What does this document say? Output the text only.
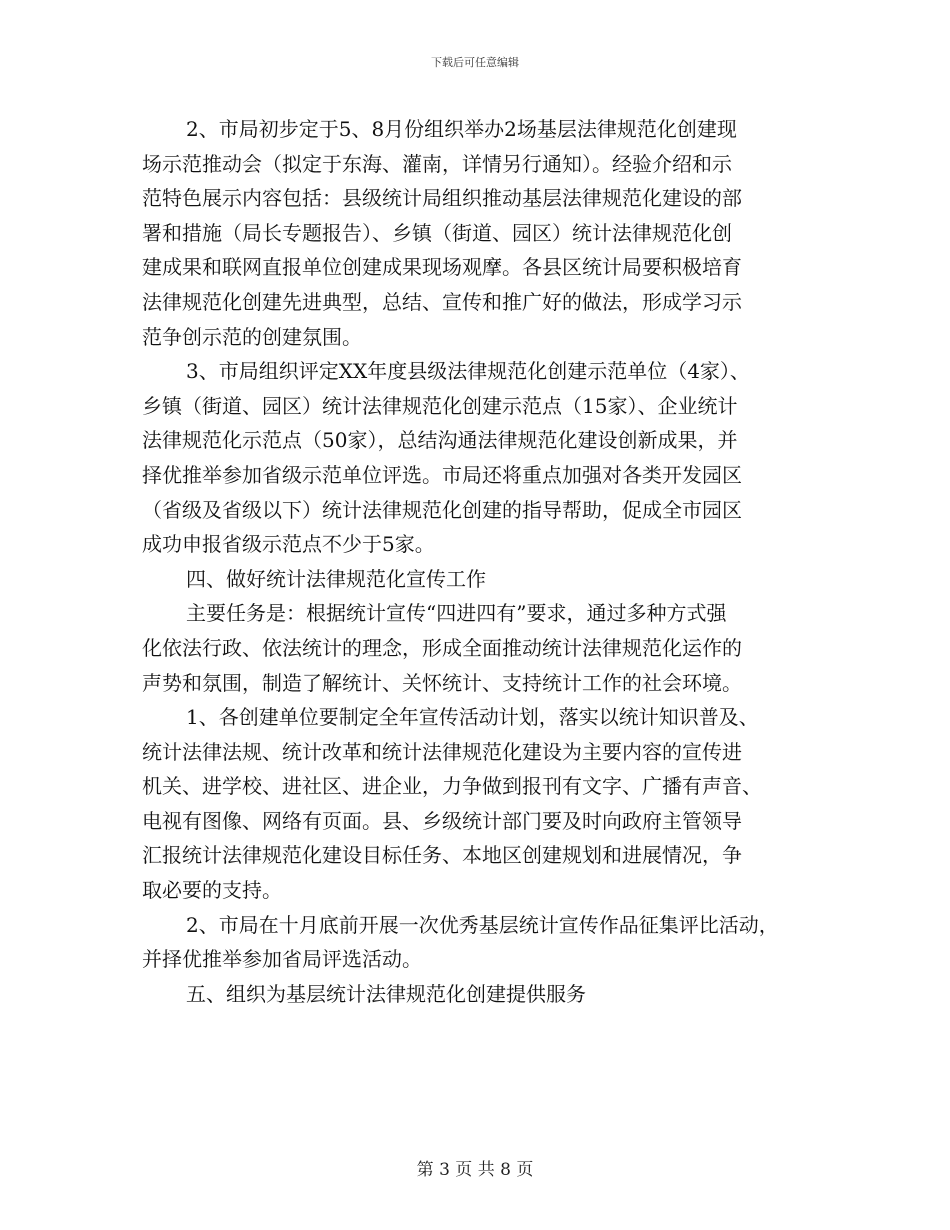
下载后可任意编辑
2、市局初步定于5、8月份组织举办2场基层法律规范化创建现
场示范推动会（拟定于东海、灌南，详情另行通知）。经验介绍和示
范特色展示内容包括：县级统计局组织推动基层法律规范化建设的部
署和措施（局长专题报告）、乡镇（街道、园区）统计法律规范化创
建成果和联网直报单位创建成果现场观摩。各县区统计局要积极培育
法律规范化创建先进典型，总结、宣传和推广好的做法，形成学习示
范争创示范的创建氛围。
3、市局组织评定XX年度县级法律规范化创建示范单位（4家）、
乡镇（街道、园区）统计法律规范化创建示范点（15家）、企业统计
法律规范化示范点（50家），总结沟通法律规范化建设创新成果，并
择优推举参加省级示范单位评选。市局还将重点加强对各类开发园区
（省级及省级以下）统计法律规范化创建的指导帮助，促成全市园区
成功申报省级示范点不少于5家。
四、做好统计法律规范化宣传工作
主要任务是：根据统计宣传“四进四有”要求，通过多种方式强
化依法行政、依法统计的理念，形成全面推动统计法律规范化运作的
声势和氛围，制造了解统计、关怀统计、支持统计工作的社会环境。
1、各创建单位要制定全年宣传活动计划，落实以统计知识普及、
统计法律法规、统计改革和统计法律规范化建设为主要内容的宣传进
机关、进学校、进社区、进企业，力争做到报刊有文字、广播有声音、
电视有图像、网络有页面。县、乡级统计部门要及时向政府主管领导
汇报统计法律规范化建设目标任务、本地区创建规划和进展情况，争
取必要的支持。
2、市局在十月底前开展一次优秀基层统计宣传作品征集评比活动，
并择优推举参加省局评选活动。
五、组织为基层统计法律规范化创建提供服务
第 3 页 共 8 页
